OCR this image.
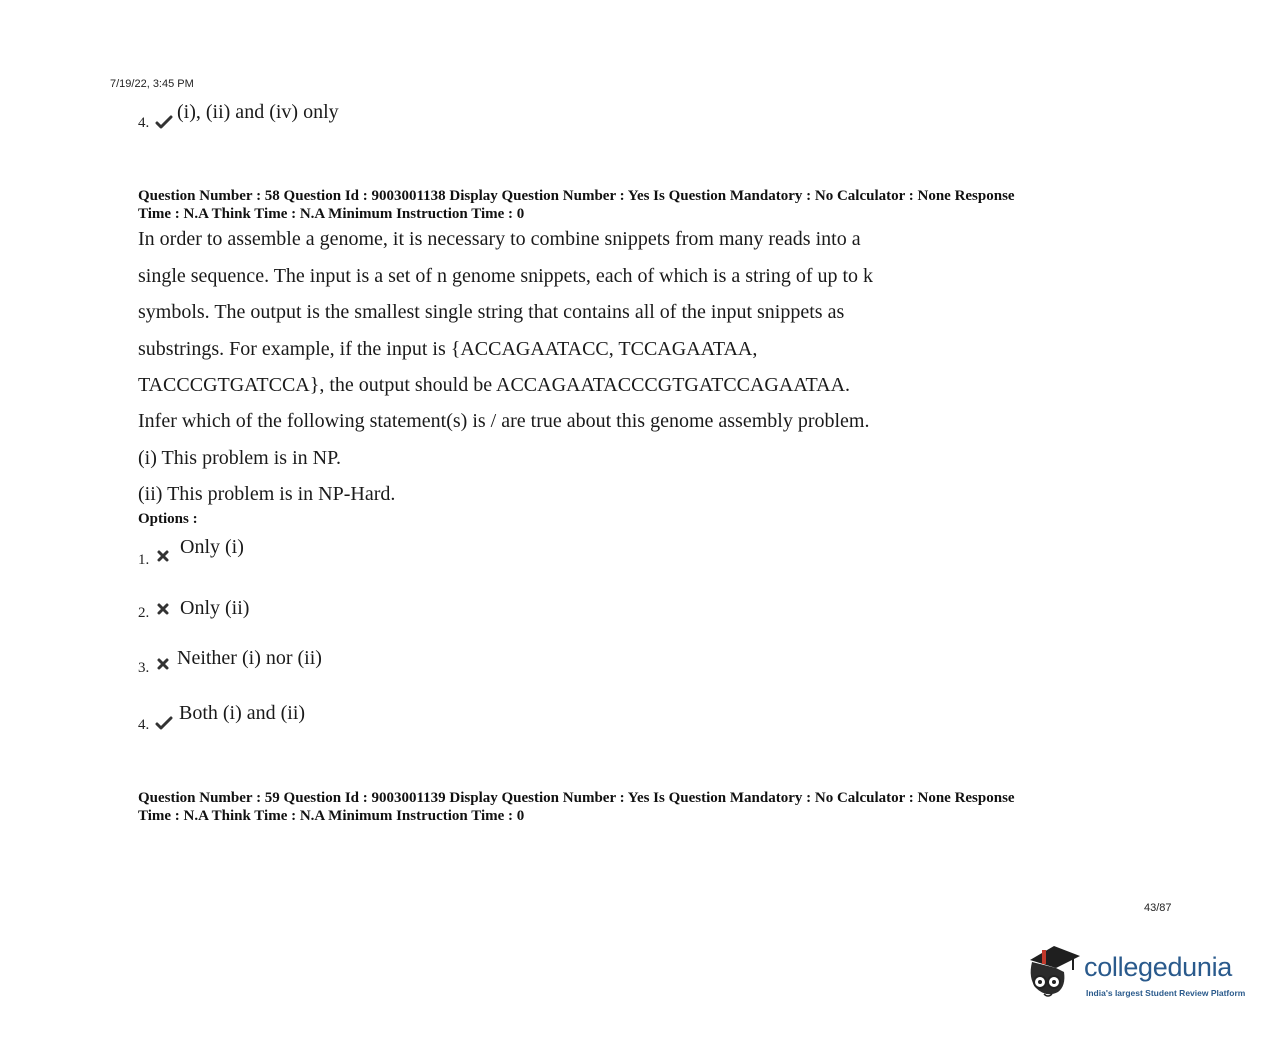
7/19/22, 3:45 PM
4. (i), (ii) and (iv) only
Question Number : 58 Question Id : 9003001138 Display Question Number : Yes Is Question Mandatory : No Calculator : None Response
Time : N.A Think Time : N.A Minimum Instruction Time : 0
In order to assemble a genome, it is necessary to combine snippets from many reads into a
single sequence. The input is a set of n genome snippets, each of which is a string of up to k
symbols. The output is the smallest single string that contains all of the input snippets as
substrings. For example, if the input is {ACCAGAATACC, TCCAGAATAA,
TACCCGTGATCCA}, the output should be ACCAGAATACCCGTGATCCAGAATAA.
Infer which of the following statement(s) is / are true about this genome assembly problem.
(i) This problem is in NP.
(ii) This problem is in NP-Hard.
Options :
1.
Only (i)
2. Only (ii)
3. Neither (i) nor (ii)
4.
Both (i) and (ii)
Question Number : 59 Question Id : 9003001139 Display Question Number : Yes Is Question Mandatory : No Calculator : None Response
Time : N.A Think Time : N.A Minimum Instruction Time : 0
43/87
collegedunia
India's largest Student Review Platform
